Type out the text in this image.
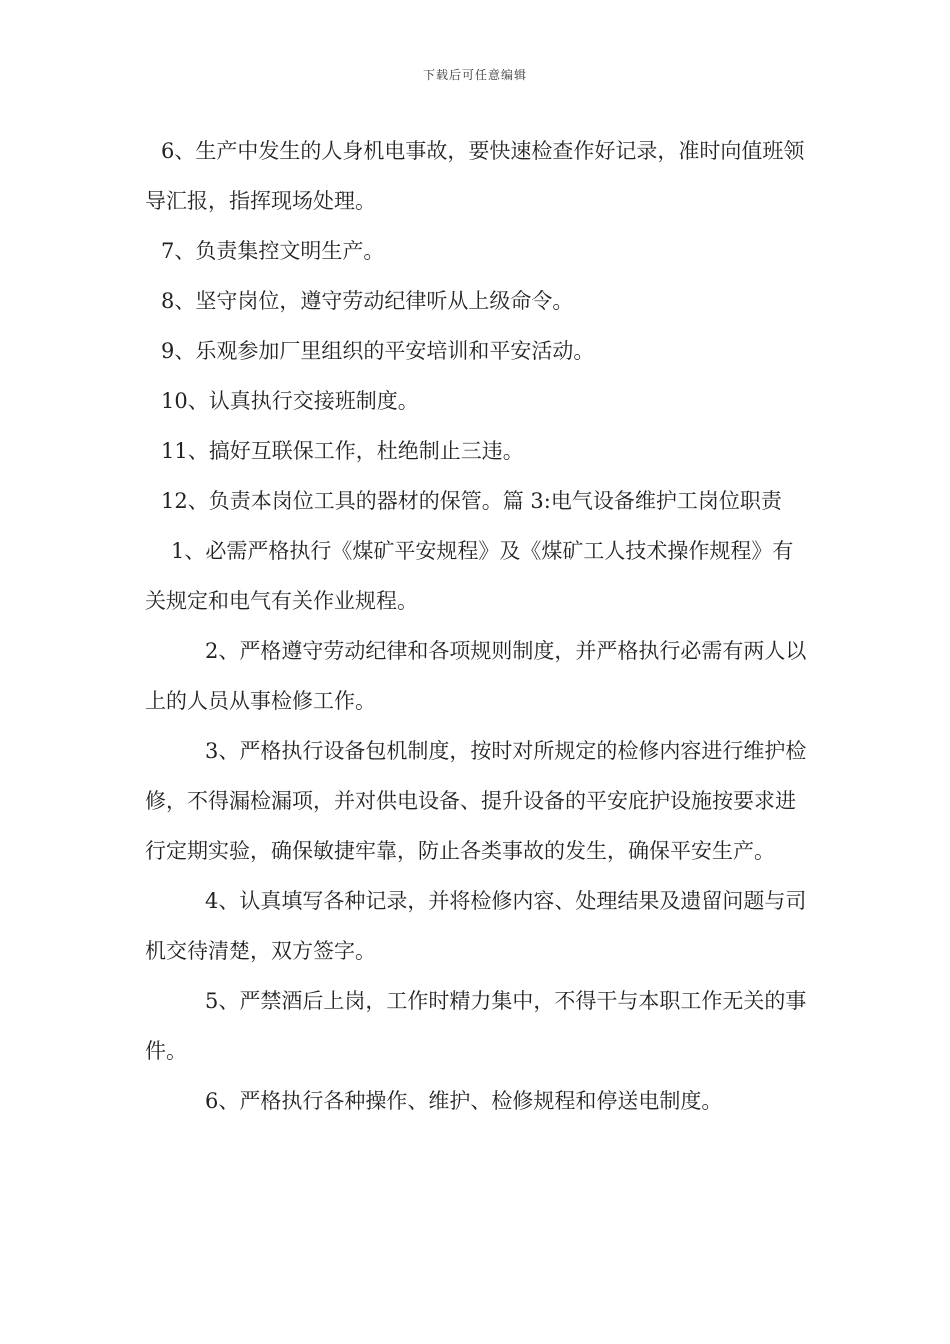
下载后可任意编辑

6、生产中发生的人身机电事故，要快速检查作好记录，准时向值班领导汇报，指挥现场处理。

7、负责集控文明生产。

8、坚守岗位，遵守劳动纪律听从上级命令。

9、乐观参加厂里组织的平安培训和平安活动。

10、认真执行交接班制度。

11、搞好互联保工作，杜绝制止三违。

12、负责本岗位工具的器材的保管。篇 3:电气设备维护工岗位职责

1、必需严格执行《煤矿平安规程》及《煤矿工人技术操作规程》有关规定和电气有关作业规程。

2、严格遵守劳动纪律和各项规则制度，并严格执行必需有两人以上的人员从事检修工作。

3、严格执行设备包机制度，按时对所规定的检修内容进行维护检修，不得漏检漏项，并对供电设备、提升设备的平安庇护设施按要求进行定期实验，确保敏捷牢靠，防止各类事故的发生，确保平安生产。

4、认真填写各种记录，并将检修内容、处理结果及遗留问题与司机交待清楚，双方签字。

5、严禁酒后上岗，工作时精力集中，不得干与本职工作无关的事件。

6、严格执行各种操作、维护、检修规程和停送电制度。
